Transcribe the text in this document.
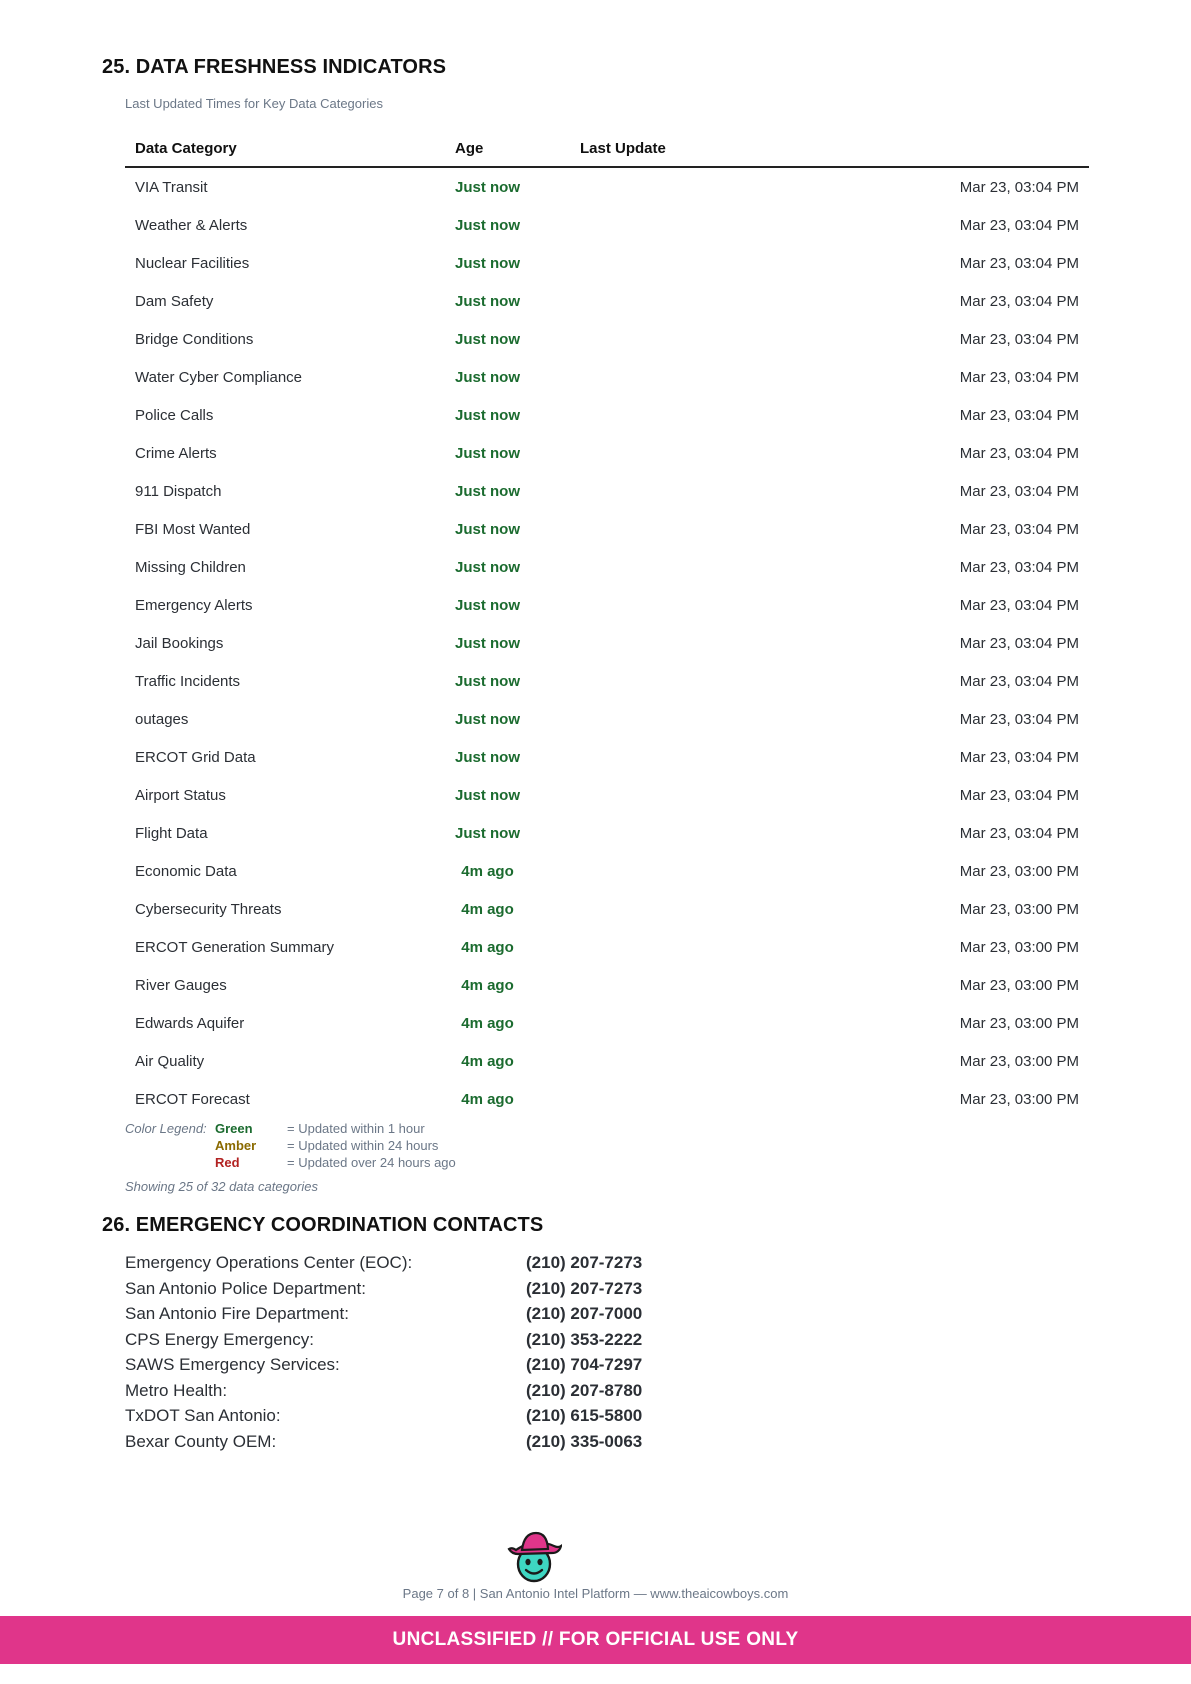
25. DATA FRESHNESS INDICATORS
Last Updated Times for Key Data Categories
Data Category	Age	Last Update
VIA Transit	Just now	Mar 23, 03:04 PM
Weather & Alerts	Just now	Mar 23, 03:04 PM
Nuclear Facilities	Just now	Mar 23, 03:04 PM
Dam Safety	Just now	Mar 23, 03:04 PM
Bridge Conditions	Just now	Mar 23, 03:04 PM
Water Cyber Compliance	Just now	Mar 23, 03:04 PM
Police Calls	Just now	Mar 23, 03:04 PM
Crime Alerts	Just now	Mar 23, 03:04 PM
911 Dispatch	Just now	Mar 23, 03:04 PM
FBI Most Wanted	Just now	Mar 23, 03:04 PM
Missing Children	Just now	Mar 23, 03:04 PM
Emergency Alerts	Just now	Mar 23, 03:04 PM
Jail Bookings	Just now	Mar 23, 03:04 PM
Traffic Incidents	Just now	Mar 23, 03:04 PM
outages	Just now	Mar 23, 03:04 PM
ERCOT Grid Data	Just now	Mar 23, 03:04 PM
Airport Status	Just now	Mar 23, 03:04 PM
Flight Data	Just now	Mar 23, 03:04 PM
Economic Data	4m ago	Mar 23, 03:00 PM
Cybersecurity Threats	4m ago	Mar 23, 03:00 PM
ERCOT Generation Summary	4m ago	Mar 23, 03:00 PM
River Gauges	4m ago	Mar 23, 03:00 PM
Edwards Aquifer	4m ago	Mar 23, 03:00 PM
Air Quality	4m ago	Mar 23, 03:00 PM
ERCOT Forecast	4m ago	Mar 23, 03:00 PM
Color Legend: Green	= Updated within 1 hour
Amber = Updated within 24 hours
Red	= Updated over 24 hours ago
Showing 25 of 32 data categories
26. EMERGENCY COORDINATION CONTACTS
Emergency Operations Center (EOC):	(210) 207-7273
San Antonio Police Department:	(210) 207-7273
San Antonio Fire Department:	(210) 207-7000
CPS Energy Emergency:	(210) 353-2222
SAWS Emergency Services:	(210) 704-7297
Metro Health:	(210) 207-8780
TxDOT San Antonio:	(210) 615-5800
Bexar County OEM:	(210) 335-0063
Page 7 of 8 | San Antonio Intel Platform — www.theaicowboys.com
UNCLASSIFIED // FOR OFFICIAL USE ONLY
